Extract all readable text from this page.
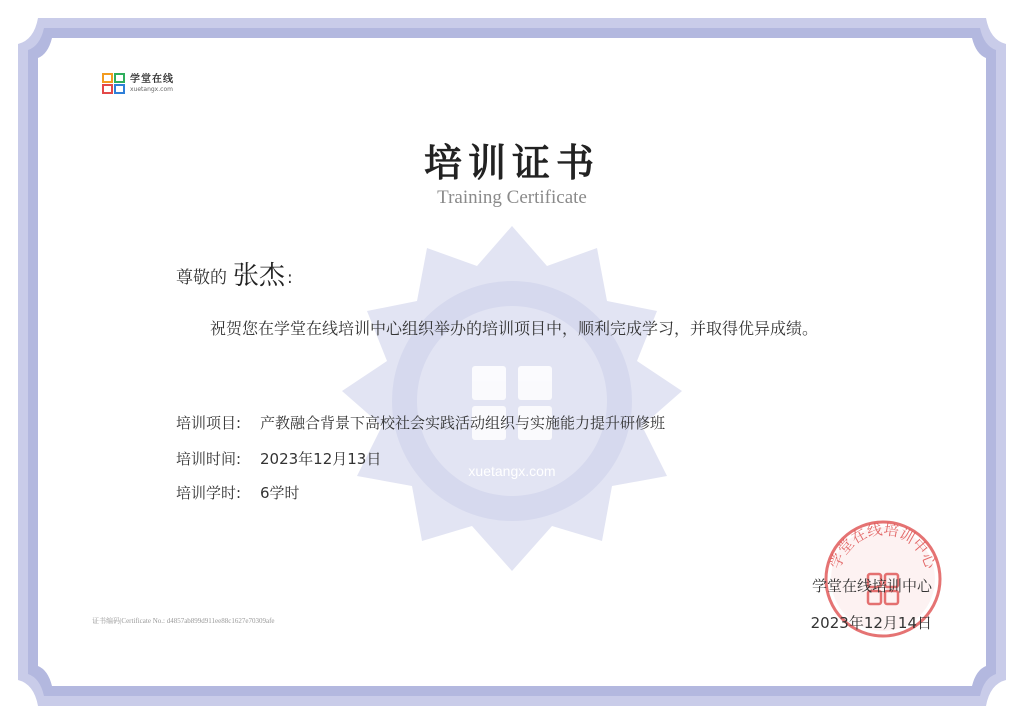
xuetangx.com
学堂在线
xuetangx.com
培训证书
Training Certificate
尊敬的 张杰 :
祝贺您在学堂在线培训中心组织举办的培训项目中，顺利完成学习，并取得优异成绩。
培训项目: 产教融合背景下高校社会实践活动组织与实施能力提升研修班
培训时间: 2023年12月13日
培训学时: 6学时
证书编码|Certificate No.: d4857ab899d911ee88c1627e70309afe
学堂在线培训中心
学堂在线培训中心
2023年12月14日
